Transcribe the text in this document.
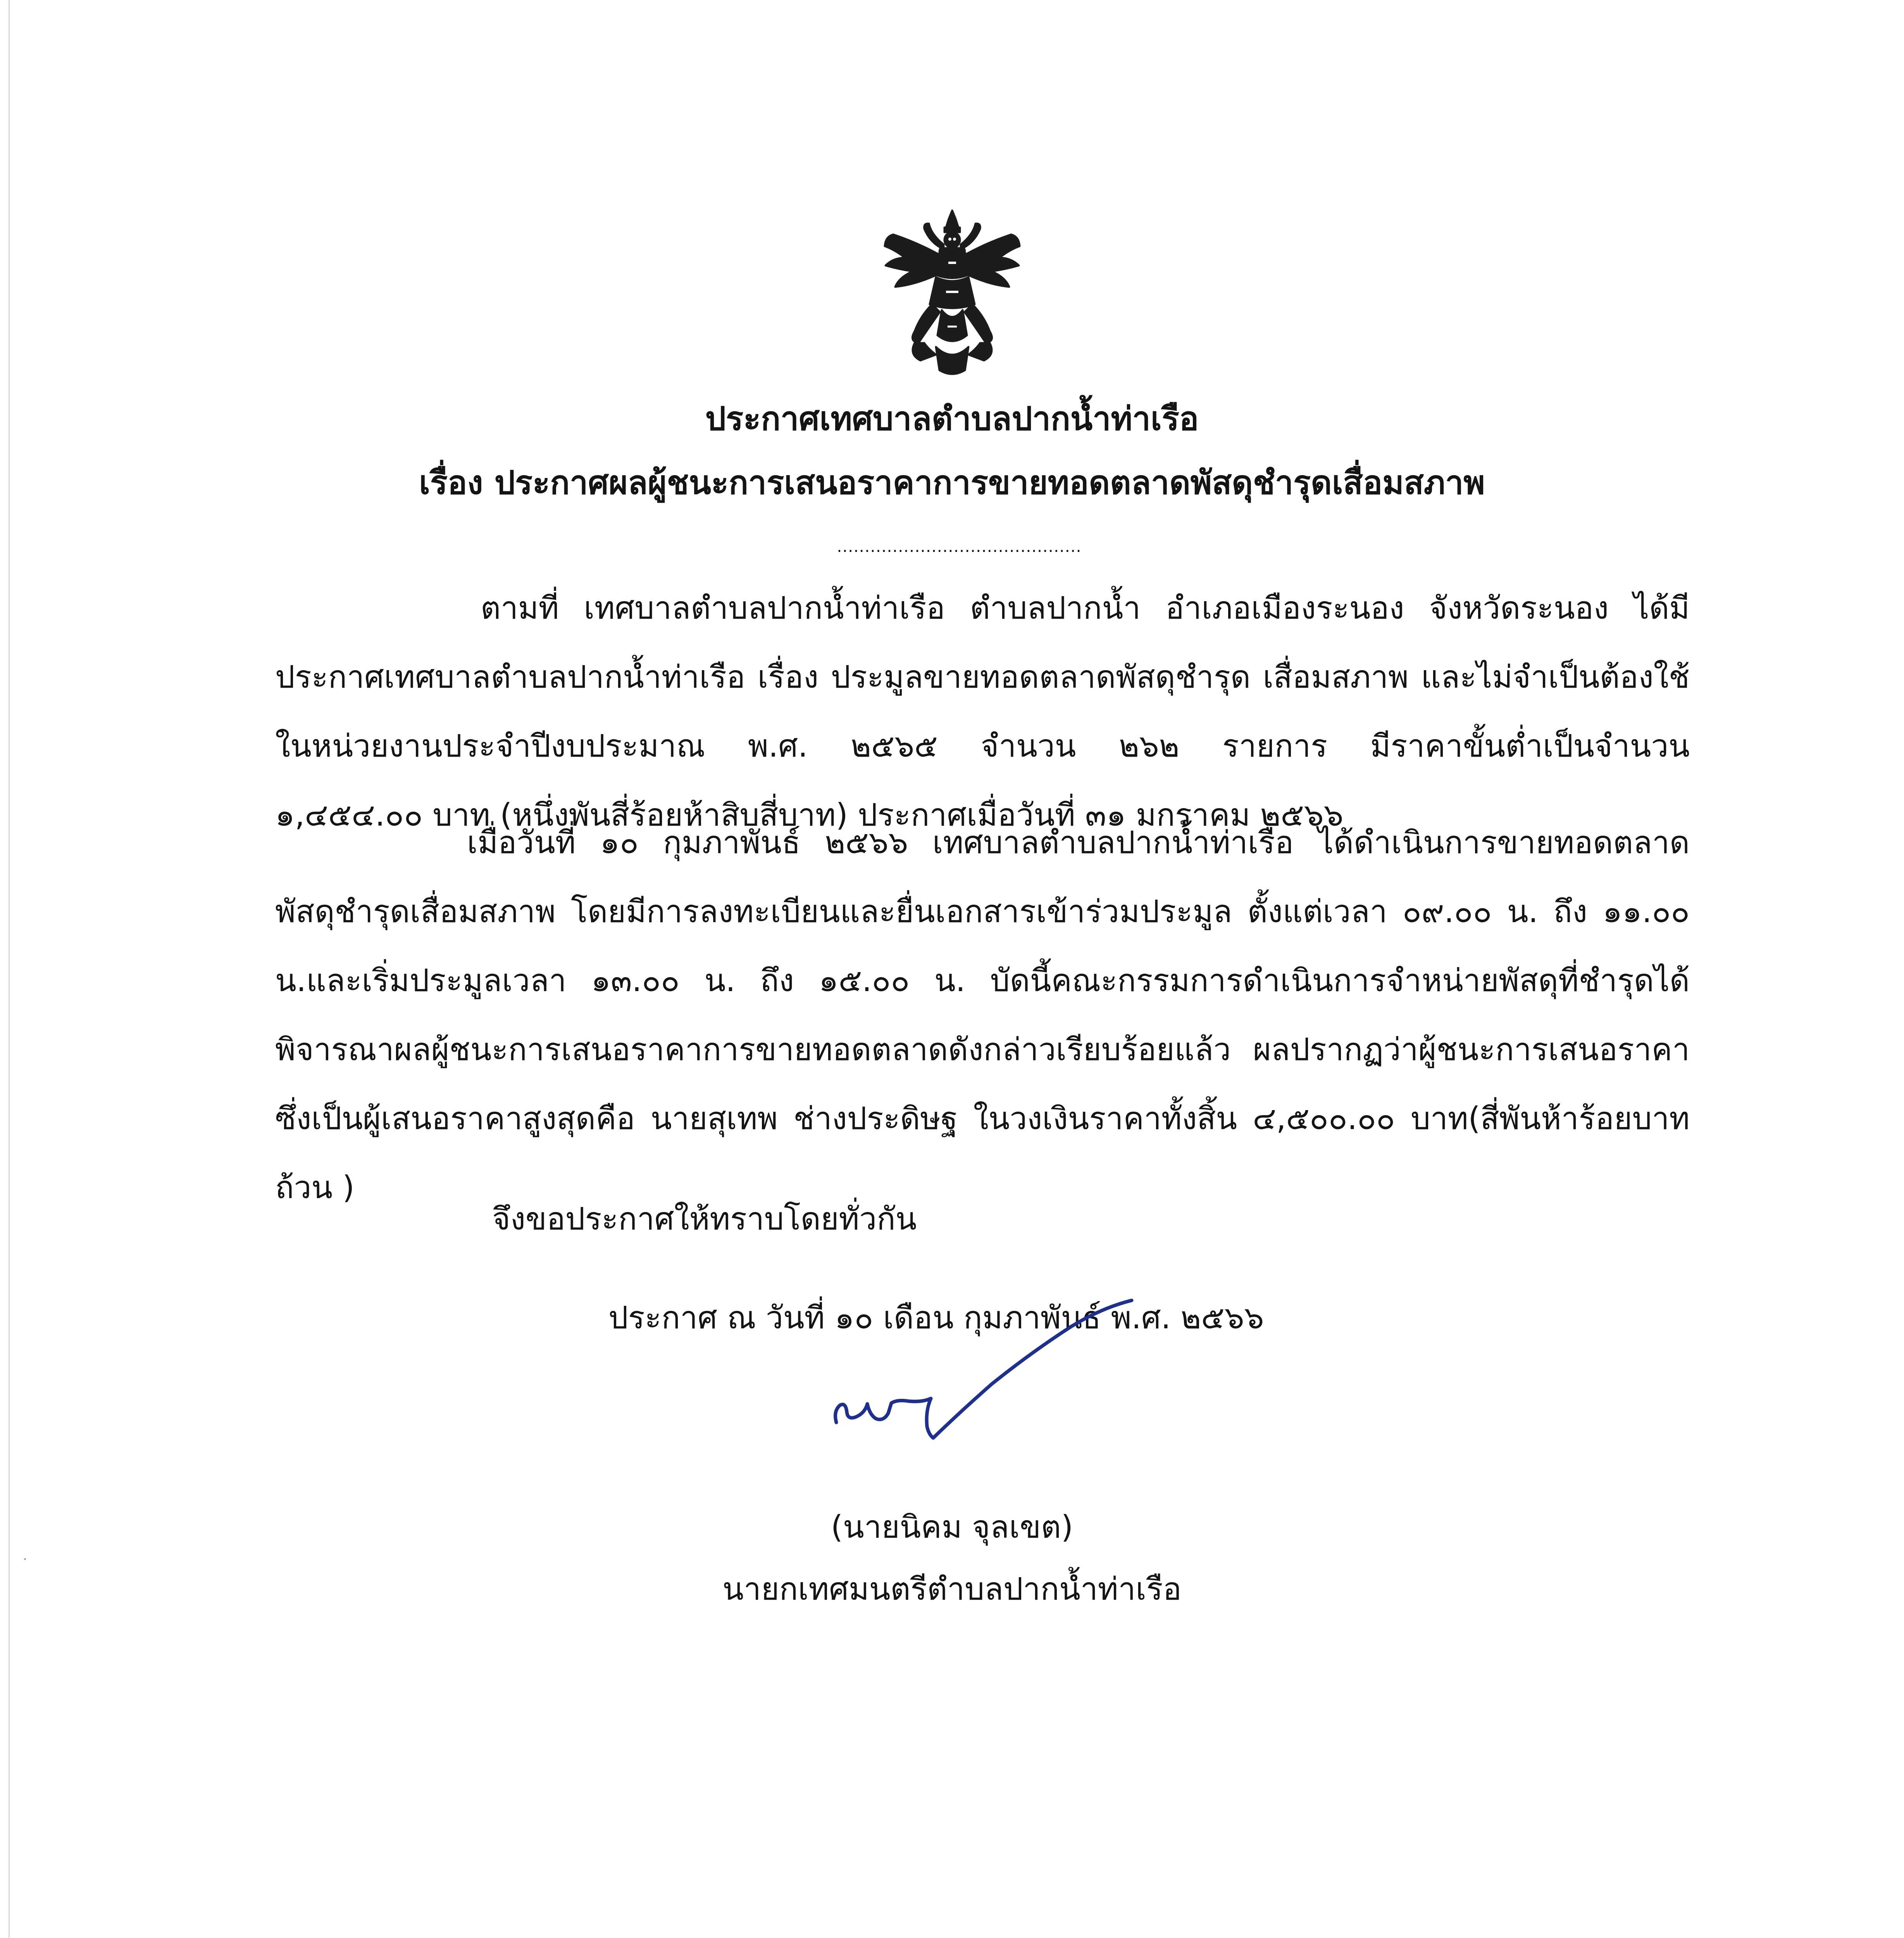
ประกาศเทศบาลตำบลปากน้ำท่าเรือ
เรื่อง ประกาศผลผู้ชนะการเสนอราคาการขายทอดตลาดพัสดุชำรุดเสื่อมสภาพ
............................................
ตามที่ เทศบาลตำบลปากน้ำท่าเรือ ตำบลปากน้ำ อำเภอเมืองระนอง จังหวัดระนอง ได้มี
ประกาศเทศบาลตำบลปากน้ำท่าเรือ เรื่อง ประมูลขายทอดตลาดพัสดุชำรุด เสื่อมสภาพ และไม่จำเป็นต้องใช้
ในหน่วยงานประจำปีงบประมาณ พ.ศ. ๒๕๖๕ จำนวน ๒๖๒ รายการ มีราคาขั้นต่ำเป็นจำนวน
๑,๔๕๔.๐๐ บาท (หนึ่งพันสี่ร้อยห้าสิบสี่บาท) ประกาศเมื่อวันที่ ๓๑ มกราคม ๒๕๖๖
เมื่อวันที่ ๑๐ กุมภาพันธ์ ๒๕๖๖ เทศบาลตำบลปากน้ำท่าเรือ ได้ดำเนินการขายทอดตลาด
พัสดุชำรุดเสื่อมสภาพ โดยมีการลงทะเบียนและยื่นเอกสารเข้าร่วมประมูล ตั้งแต่เวลา ๐๙.๐๐ น. ถึง ๑๑.๐๐
น.และเริ่มประมูลเวลา ๑๓.๐๐ น. ถึง ๑๕.๐๐ น. บัดนี้คณะกรรมการดำเนินการจำหน่ายพัสดุที่ชำรุดได้
พิจารณาผลผู้ชนะการเสนอราคาการขายทอดตลาดดังกล่าวเรียบร้อยแล้ว ผลปรากฏว่าผู้ชนะการเสนอราคา
ซึ่งเป็นผู้เสนอราคาสูงสุดคือ นายสุเทพ ช่างประดิษฐ ในวงเงินราคาทั้งสิ้น ๔,๕๐๐.๐๐ บาท(สี่พันห้าร้อยบาท
ถ้วน )
จึงขอประกาศให้ทราบโดยทั่วกัน
ประกาศ ณ วันที่ ๑๐ เดือน กุมภาพันธ์ พ.ศ. ๒๕๖๖
(นายนิคม จุลเขต)
นายกเทศมนตรีตำบลปากน้ำท่าเรือ
